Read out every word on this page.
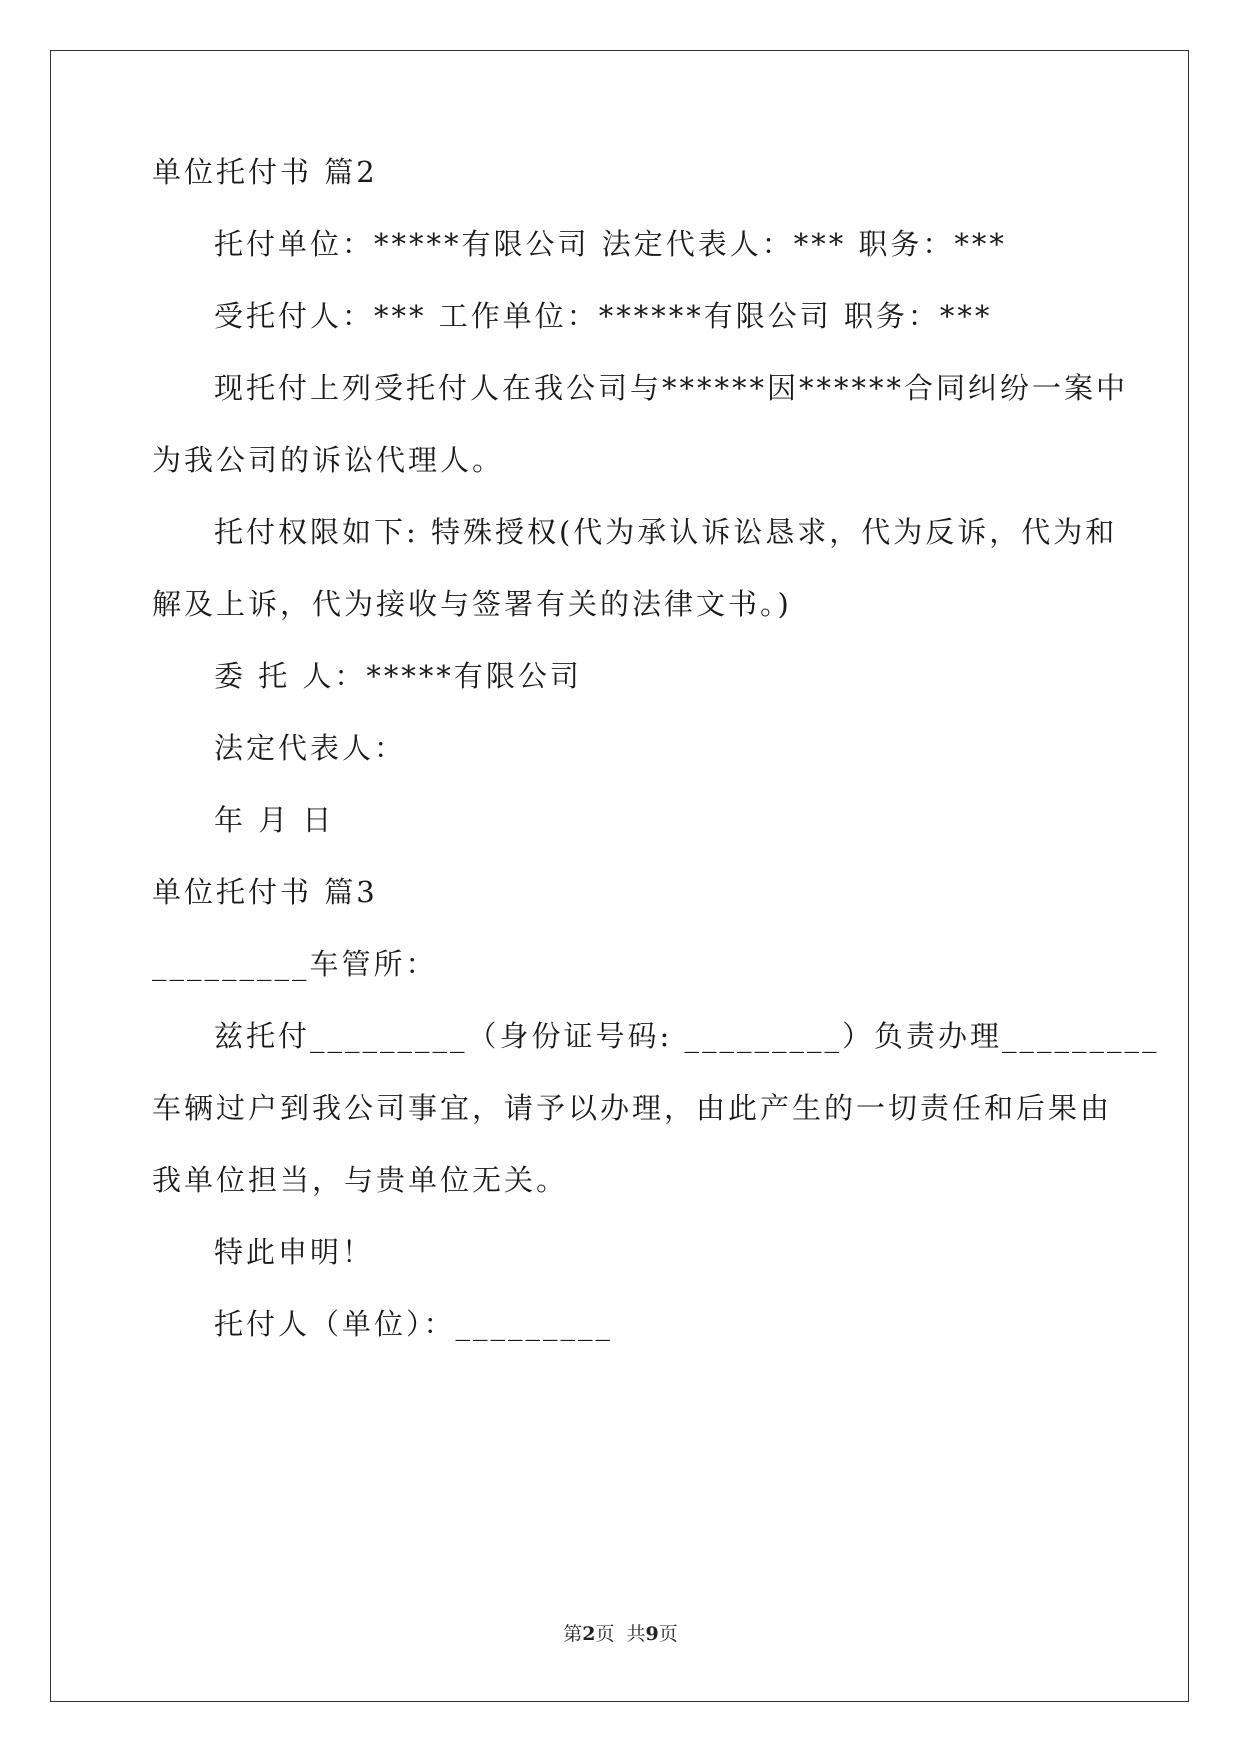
单位托付书 篇2
托付单位：*****有限公司 法定代表人：*** 职务：***
受托付人：*** 工作单位：******有限公司 职务：***
现托付上列受托付人在我公司与******因******合同纠纷一案中
为我公司的诉讼代理人。
托付权限如下: 特殊授权(代为承认诉讼恳求，代为反诉，代为和
解及上诉，代为接收与签署有关的法律文书。)
委 托 人：*****有限公司
法定代表人：
年 月 日
单位托付书 篇3
_________车管所：
兹托付_________（身份证号码: _________）负责办理_________
车辆过户到我公司事宜，请予以办理，由此产生的一切责任和后果由
我单位担当，与贵单位无关。
特此申明！
托付人（单位）：_________
第2页  共9页
